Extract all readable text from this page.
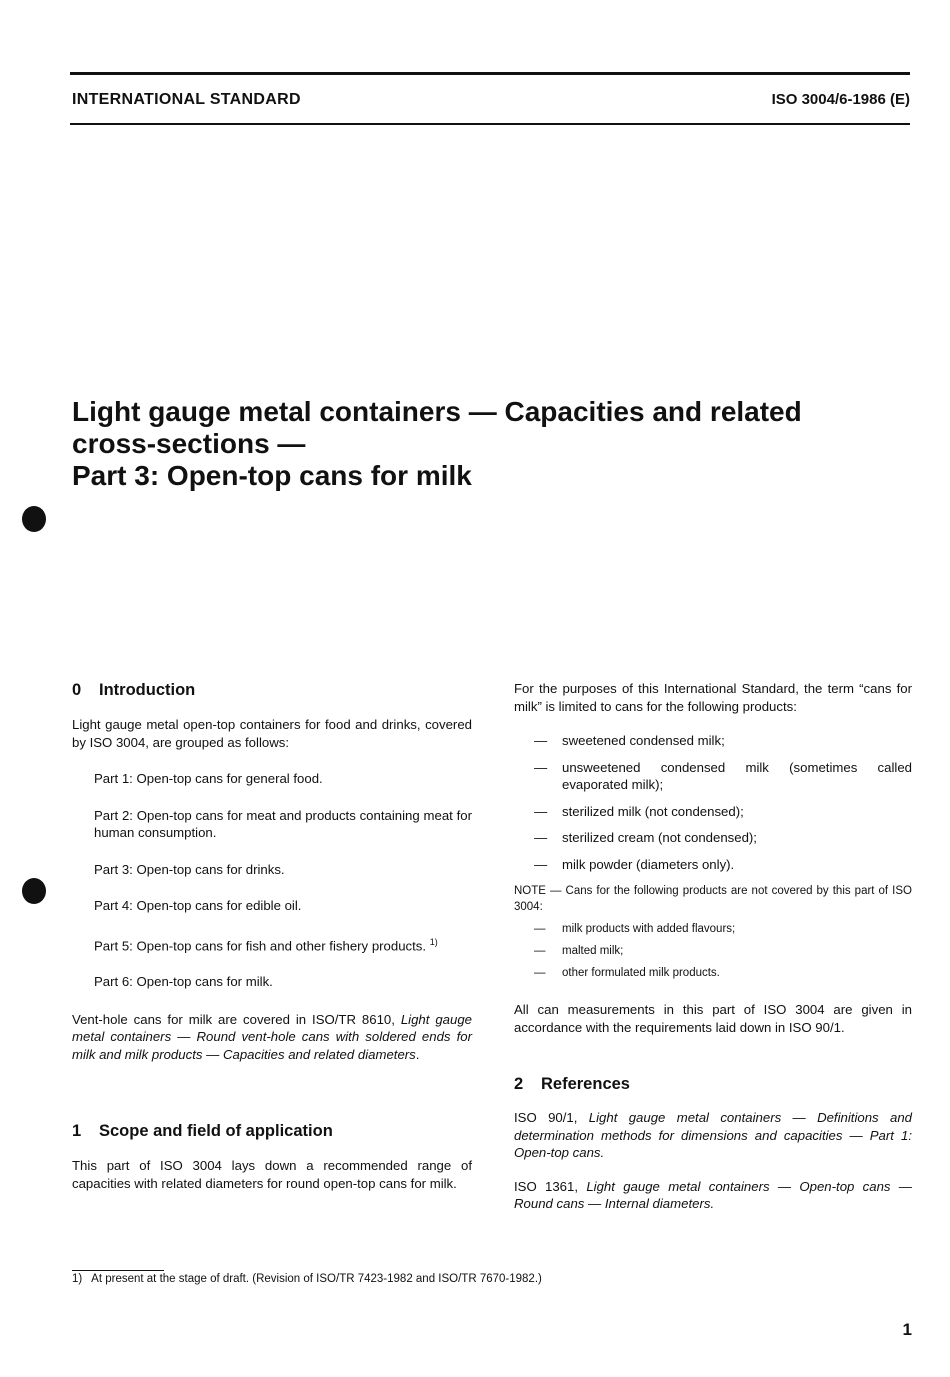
INTERNATIONAL STANDARD	ISO 3004/6-1986 (E)
Light gauge metal containers — Capacities and related
cross-sections —
Part 3: Open-top cans for milk
0 Introduction

Light gauge metal open-top containers for food and drinks, covered by ISO 3004, are grouped as follows:

Part 1: Open-top cans for general food.

Part 2: Open-top cans for meat and products containing meat for human consumption.

Part 3: Open-top cans for drinks.

Part 4: Open-top cans for edible oil.

Part 5: Open-top cans for fish and other fishery products. $^{1)}$

Part 6: Open-top cans for milk.

Vent-hole cans for milk are covered in ISO/TR 8610, Light gauge metal containers — Round vent-hole cans with soldered ends for milk and milk products — Capacities and related diameters.

1 Scope and field of application

This part of ISO 3004 lays down a recommended range of capacities with related diameters for round open-top cans for milk.

For the purposes of this International Standard, the term “cans for milk” is limited to cans for the following products:

—	sweetened condensed milk;
—	unsweetened condensed milk (sometimes called evaporated milk);
—	sterilized milk (not condensed);
—	sterilized cream (not condensed);
—	milk powder (diameters only).

NOTE — Cans for the following products are not covered by this part of ISO 3004:

—	milk products with added flavours;
—	malted milk;
—	other formulated milk products.

All can measurements in this part of ISO 3004 are given in accordance with the requirements laid down in ISO 90/1.

2 References

ISO 90/1, Light gauge metal containers — Definitions and determination methods for dimensions and capacities — Part 1: Open-top cans.

ISO 1361, Light gauge metal containers — Open-top cans — Round cans — Internal diameters.

1)   At present at the stage of draft. (Revision of ISO/TR 7423-1982 and ISO/TR 7670-1982.)
1
